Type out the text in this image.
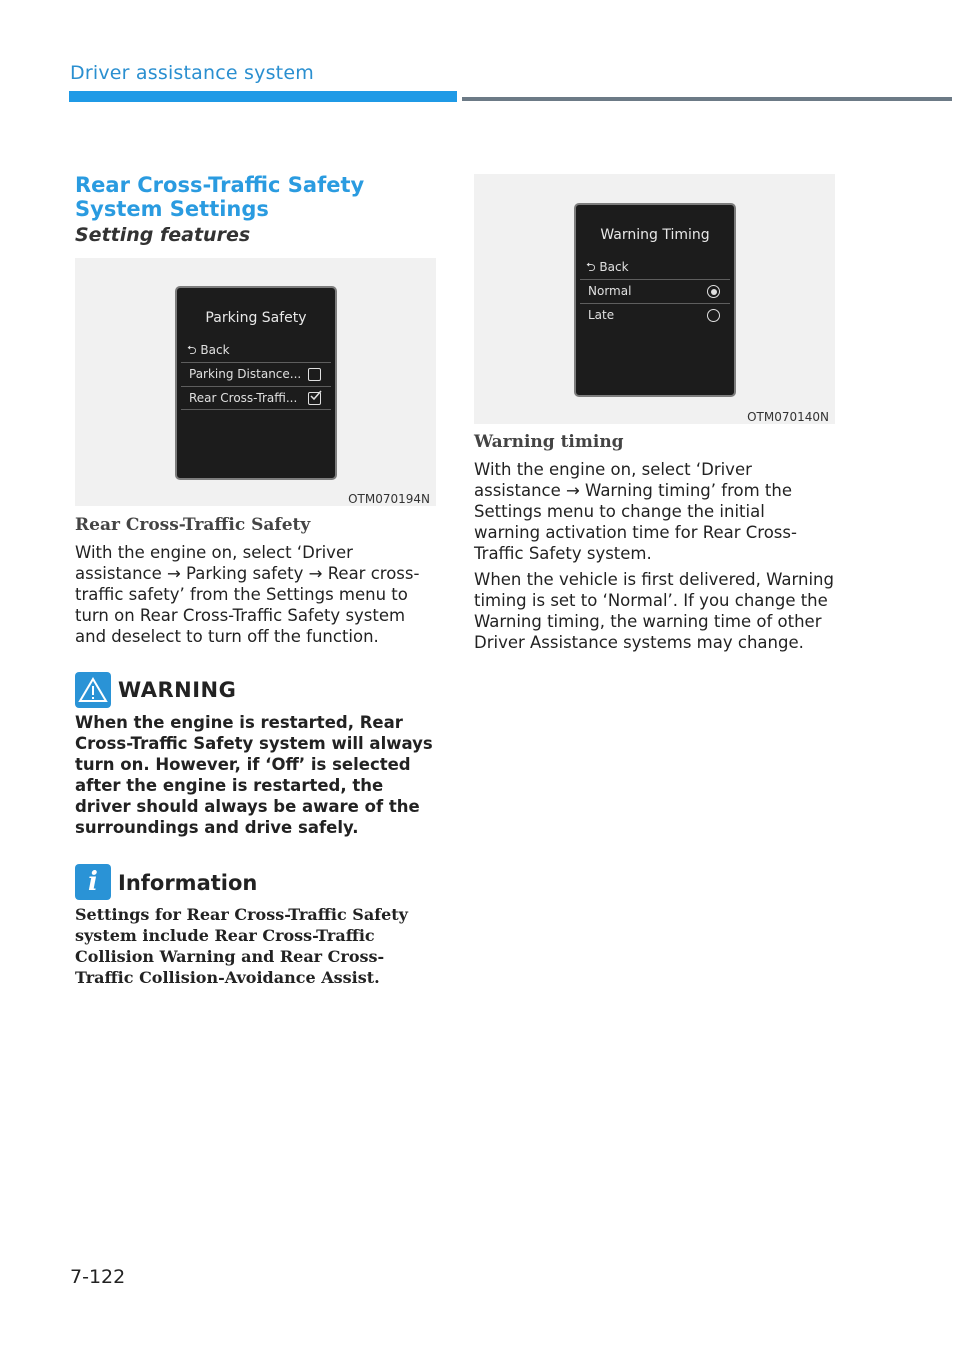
Driver assistance system
Rear Cross-Traffic Safety System Settings
Setting features
Parking Safety
⮌ Back
Parking Distance...
Rear Cross-Traffi...
OTM070194N
Rear Cross-Traffic Safety
With the engine on, select ‘Driver assistance → Parking safety → Rear cross-traffic safety’ from the Settings menu to turn on Rear Cross-Traffic Safety system and deselect to turn off the function.
WARNING
When the engine is restarted, Rear Cross-Traffic Safety system will always turn on. However, if ‘Off’ is selected after the engine is restarted, the driver should always be aware of the surroundings and drive safely.
i Information
Settings for Rear Cross-Traffic Safety system include Rear Cross-Traffic Collision Warning and Rear Cross-Traffic Collision-Avoidance Assist.
Warning Timing
⮌ Back
Normal
Late
OTM070140N
Warning timing
With the engine on, select ‘Driver assistance → Warning timing’ from the Settings menu to change the initial warning activation time for Rear Cross-Traffic Safety system.
When the vehicle is first delivered, Warning timing is set to ‘Normal’. If you change the Warning timing, the warning time of other Driver Assistance systems may change.
7-122
